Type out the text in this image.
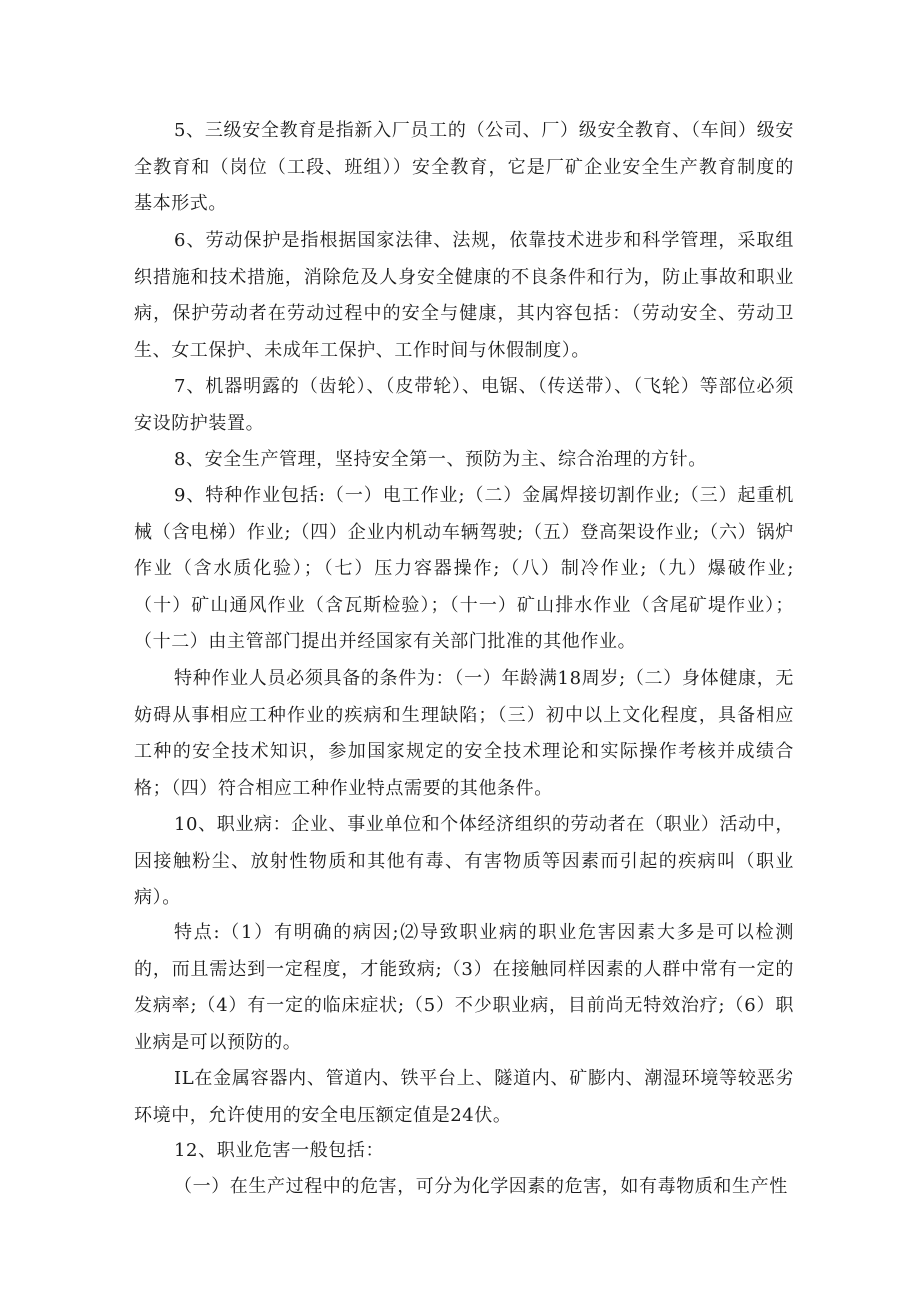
5、三级安全教育是指新入厂员工的（公司、厂）级安全教育、（车间）级安全教育和（岗位（工段、班组））安全教育，它是厂矿企业安全生产教育制度的基本形式。

6、劳动保护是指根据国家法律、法规，依靠技术进步和科学管理，采取组织措施和技术措施，消除危及人身安全健康的不良条件和行为，防止事故和职业病，保护劳动者在劳动过程中的安全与健康，其内容包括：（劳动安全、劳动卫生、女工保护、未成年工保护、工作时间与休假制度）。

7、机器明露的（齿轮）、（皮带轮）、电锯、（传送带）、（飞轮）等部位必须安设防护装置。

8、安全生产管理，坚持安全第一、预防为主、综合治理的方针。

9、特种作业包括:（一）电工作业;（二）金属焊接切割作业;（三）起重机械（含电梯）作业;（四）企业内机动车辆驾驶;（五）登高架设作业;（六）锅炉作业（含水质化验）；（七）压力容器操作;（八）制冷作业;（九）爆破作业;（十）矿山通风作业（含瓦斯检验）；（十一）矿山排水作业（含尾矿堤作业）；（十二）由主管部门提出并经国家有关部门批准的其他作业。

特种作业人员必须具备的条件为：（一）年龄满18周岁;（二）身体健康，无妨碍从事相应工种作业的疾病和生理缺陷；（三）初中以上文化程度，具备相应工种的安全技术知识，参加国家规定的安全技术理论和实际操作考核并成绩合格；（四）符合相应工种作业特点需要的其他条件。

10、职业病：企业、事业单位和个体经济组织的劳动者在（职业）活动中，因接触粉尘、放射性物质和其他有毒、有害物质等因素而引起的疾病叫（职业病）。

特点:（1）有明确的病因;⑵导致职业病的职业危害因素大多是可以检测的，而且需达到一定程度，才能致病;（3）在接触同样因素的人群中常有一定的发病率;（4）有一定的临床症状;（5）不少职业病，目前尚无特效治疗;（6）职业病是可以预防的。

IL在金属容器内、管道内、铁平台上、隧道内、矿膨内、潮湿环境等较恶劣环境中，允许使用的安全电压额定值是24伏。

12、职业危害一般包括：

（一）在生产过程中的危害，可分为化学因素的危害，如有毒物质和生产性
